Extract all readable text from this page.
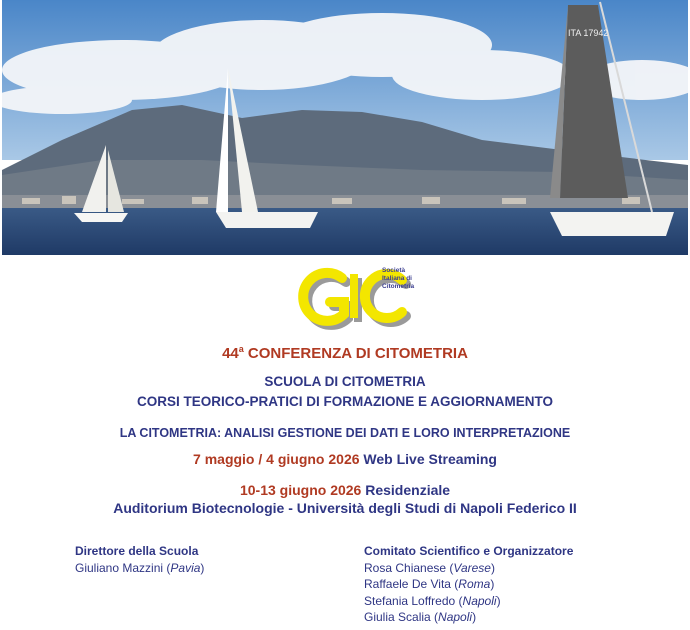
ITA 17942
Società
Italiana di
Citometria
44$^a$ CONFERENZA DI CITOMETRIA
SCUOLA DI CITOMETRIA
CORSI TEORICO-PRATICI DI FORMAZIONE E AGGIORNAMENTO
LA CITOMETRIA: ANALISI GESTIONE DEI DATI E LORO INTERPRETAZIONE
7 maggio / 4 giugno 2026 Web Live Streaming
10-13 giugno 2026 Residenziale
Auditorium Biotecnologie - Università degli Studi di Napoli Federico II
Direttore della Scuola
Giuliano Mazzini (Pavia)
Comitato Scientifico e Organizzatore
Rosa Chianese (Varese)
Raffaele De Vita (Roma)
Stefania Loffredo (Napoli)
Giulia Scalia (Napoli)
